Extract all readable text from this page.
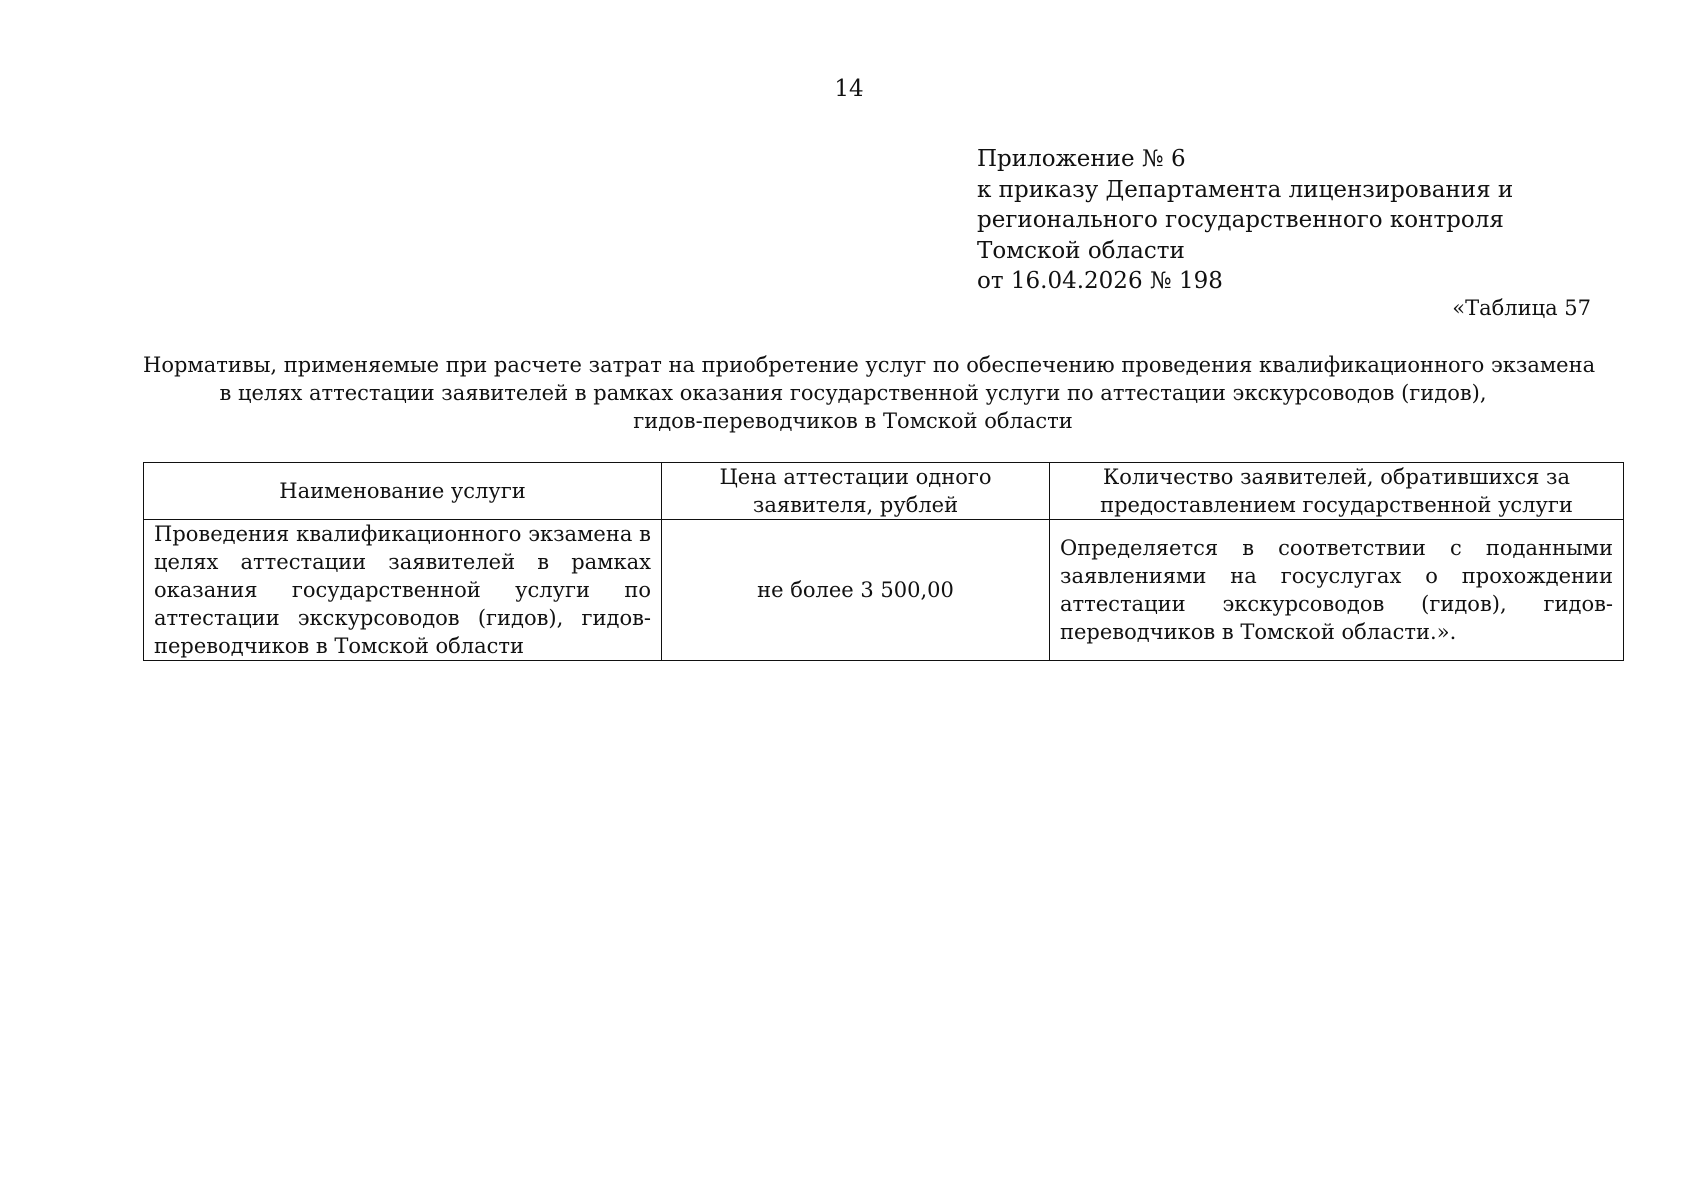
14
Приложение № 6
к приказу Департамента лицензирования и
регионального государственного контроля
Томской области
от 16.04.2026 № 198
«Таблица 57
Нормативы, применяемые при расчете затрат на приобретение услуг по обеспечению проведения квалификационного экзамена
в целях аттестации заявителей в рамках оказания государственной услуги по аттестации экскурсоводов (гидов),
гидов-переводчиков в Томской области
Наименование услуги	Цена аттестации одного заявителя, рублей	Количество заявителей, обратившихся за предоставлением государственной услуги
Проведения квалификационного экзамена в целях аттестации заявителей в рамках оказания государственной услуги по аттестации экскурсоводов (гидов), гидов-переводчиков в Томской области	не более 3 500,00	Определяется в соответствии с поданными заявлениями на госуслугах о прохождении аттестации экскурсоводов (гидов), гидов-переводчиков в Томской области.».
